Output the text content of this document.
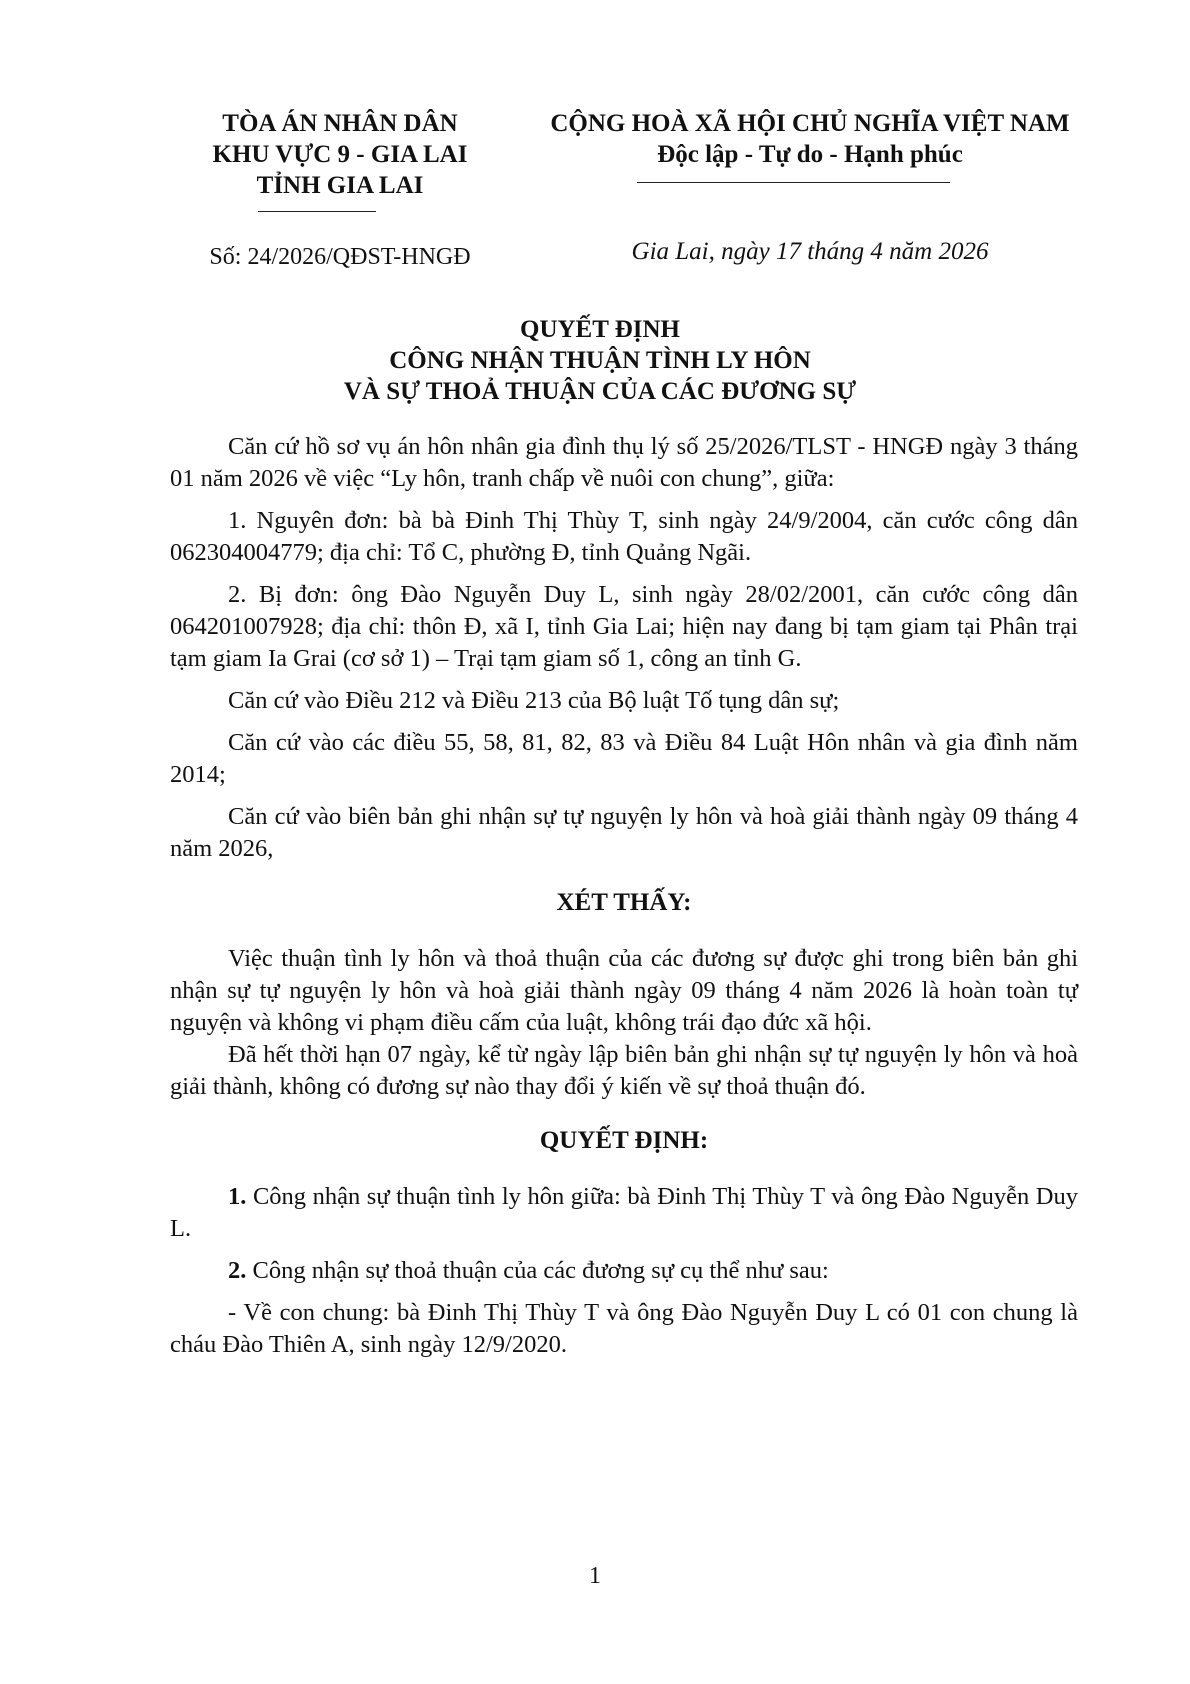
TÒA ÁN NHÂN DÂN
KHU VỰC 9 - GIA LAI
TỈNH GIA LAI
CỘNG HOÀ XÃ HỘI CHỦ NGHĨA VIỆT NAM
Độc lập - Tự do - Hạnh phúc
Số: 24/2026/QĐST-HNGĐ	Gia Lai, ngày 17 tháng 4 năm 2026
QUYẾT ĐỊNH
CÔNG NHẬN THUẬN TÌNH LY HÔN
VÀ SỰ THOẢ THUẬN CỦA CÁC ĐƯƠNG SỰ

Căn cứ hồ sơ vụ án hôn nhân gia đình thụ lý số 25/2026/TLST - HNGĐ ngày 3 tháng 01 năm 2026 về việc “Ly hôn, tranh chấp về nuôi con chung”, giữa:

1. Nguyên đơn: bà bà Đinh Thị Thùy T, sinh ngày 24/9/2004, căn cước công dân 062304004779; địa chỉ: Tổ C, phường Đ, tỉnh Quảng Ngãi.

2. Bị đơn: ông Đào Nguyễn Duy L, sinh ngày 28/02/2001, căn cước công dân 064201007928; địa chỉ: thôn Đ, xã I, tỉnh Gia Lai; hiện nay đang bị tạm giam tại Phân trại tạm giam Ia Grai (cơ sở 1) – Trại tạm giam số 1, công an tỉnh G.

Căn cứ vào Điều 212 và Điều 213 của Bộ luật Tố tụng dân sự;

Căn cứ vào các điều 55, 58, 81, 82, 83 và Điều 84 Luật Hôn nhân và gia đình năm 2014;

Căn cứ vào biên bản ghi nhận sự tự nguyện ly hôn và hoà giải thành ngày 09 tháng 4 năm 2026,

XÉT THẤY:

Việc thuận tình ly hôn và thoả thuận của các đương sự được ghi trong biên bản ghi nhận sự tự nguyện ly hôn và hoà giải thành ngày 09 tháng 4 năm 2026 là hoàn toàn tự nguyện và không vi phạm điều cấm của luật, không trái đạo đức xã hội.

Đã hết thời hạn 07 ngày, kể từ ngày lập biên bản ghi nhận sự tự nguyện ly hôn và hoà giải thành, không có đương sự nào thay đổi ý kiến về sự thoả thuận đó.

QUYẾT ĐỊNH:

1. Công nhận sự thuận tình ly hôn giữa: bà Đinh Thị Thùy T và ông Đào Nguyễn Duy L.

2. Công nhận sự thoả thuận của các đương sự cụ thể như sau:

- Về con chung: bà Đinh Thị Thùy T và ông Đào Nguyễn Duy L có 01 con chung là cháu Đào Thiên A, sinh ngày 12/9/2020.

1
